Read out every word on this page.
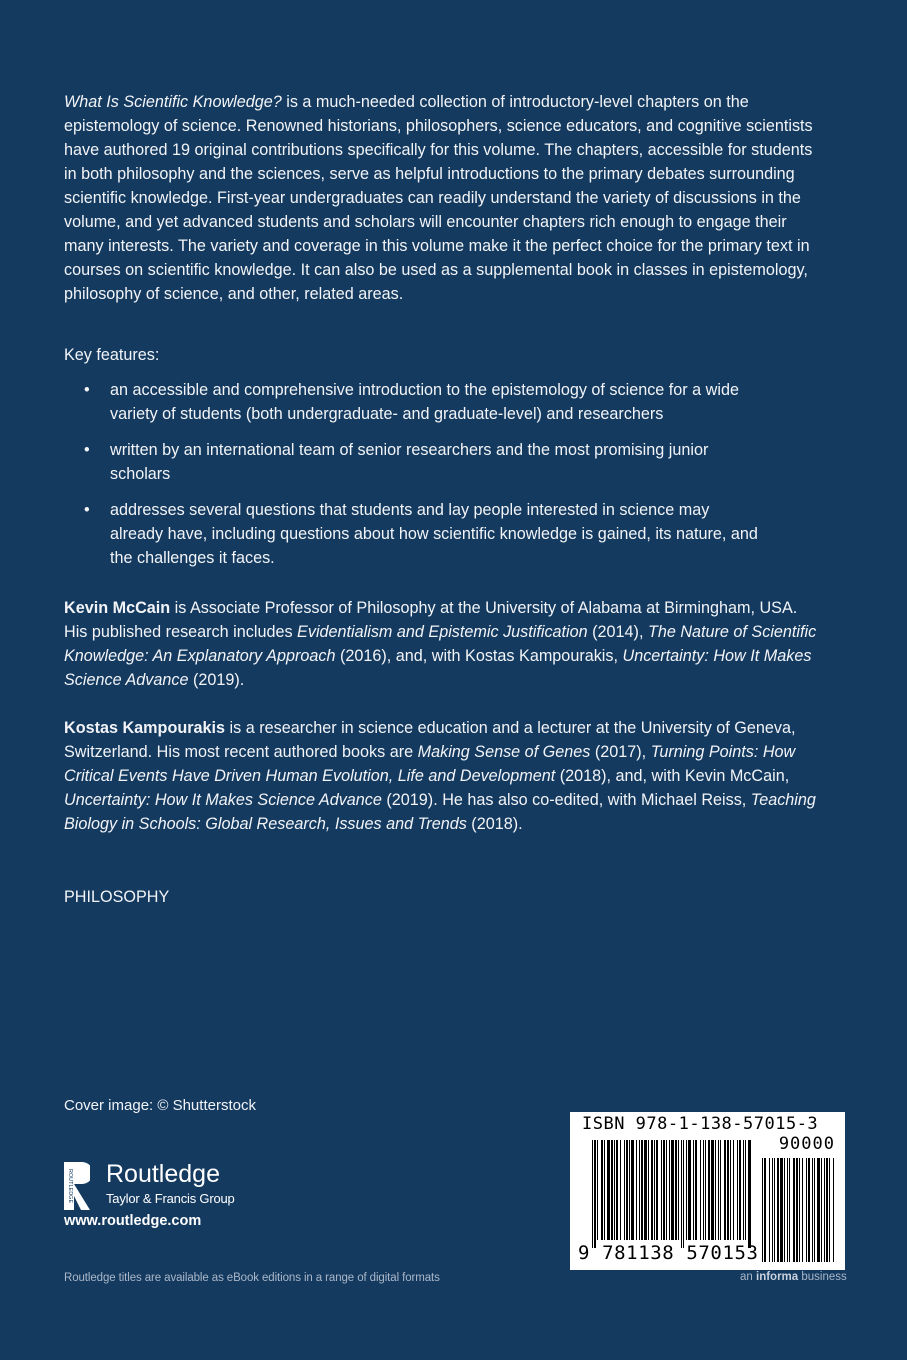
What Is Scientific Knowledge? is a much-needed collection of introductory-level chapters on the epistemology of science. Renowned historians, philosophers, science educators, and cognitive scientists have authored 19 original contributions specifically for this volume. The chapters, accessible for students in both philosophy and the sciences, serve as helpful introductions to the primary debates surrounding scientific knowledge. First-year undergraduates can readily understand the variety of discussions in the volume, and yet advanced students and scholars will encounter chapters rich enough to engage their many interests. The variety and coverage in this volume make it the perfect choice for the primary text in courses on scientific knowledge. It can also be used as a supplemental book in classes in epistemology, philosophy of science, and other, related areas.

Key features:

• an accessible and comprehensive introduction to the epistemology of science for a wide variety of students (both undergraduate- and graduate-level) and researchers
• written by an international team of senior researchers and the most promising junior scholars
• addresses several questions that students and lay people interested in science may already have, including questions about how scientific knowledge is gained, its nature, and the challenges it faces.

Kevin McCain is Associate Professor of Philosophy at the University of Alabama at Birmingham, USA. His published research includes Evidentialism and Epistemic Justification (2014), The Nature of Scientific Knowledge: An Explanatory Approach (2016), and, with Kostas Kampourakis, Uncertainty: How It Makes Science Advance (2019).

Kostas Kampourakis is a researcher in science education and a lecturer at the University of Geneva, Switzerland. His most recent authored books are Making Sense of Genes (2017), Turning Points: How Critical Events Have Driven Human Evolution, Life and Development (2018), and, with Kevin McCain, Uncertainty: How It Makes Science Advance (2019). He has also co-edited, with Michael Reiss, Teaching Biology in Schools: Global Research, Issues and Trends (2018).

PHILOSOPHY

Cover image: © Shutterstock

ROUTLEDGE Routledge
Taylor & Francis Group
www.routledge.com
ISBN 978-1-138-57015-3
90000
9 781138 570153
Routledge titles are available as eBook editions in a range of digital formats	an informa business
